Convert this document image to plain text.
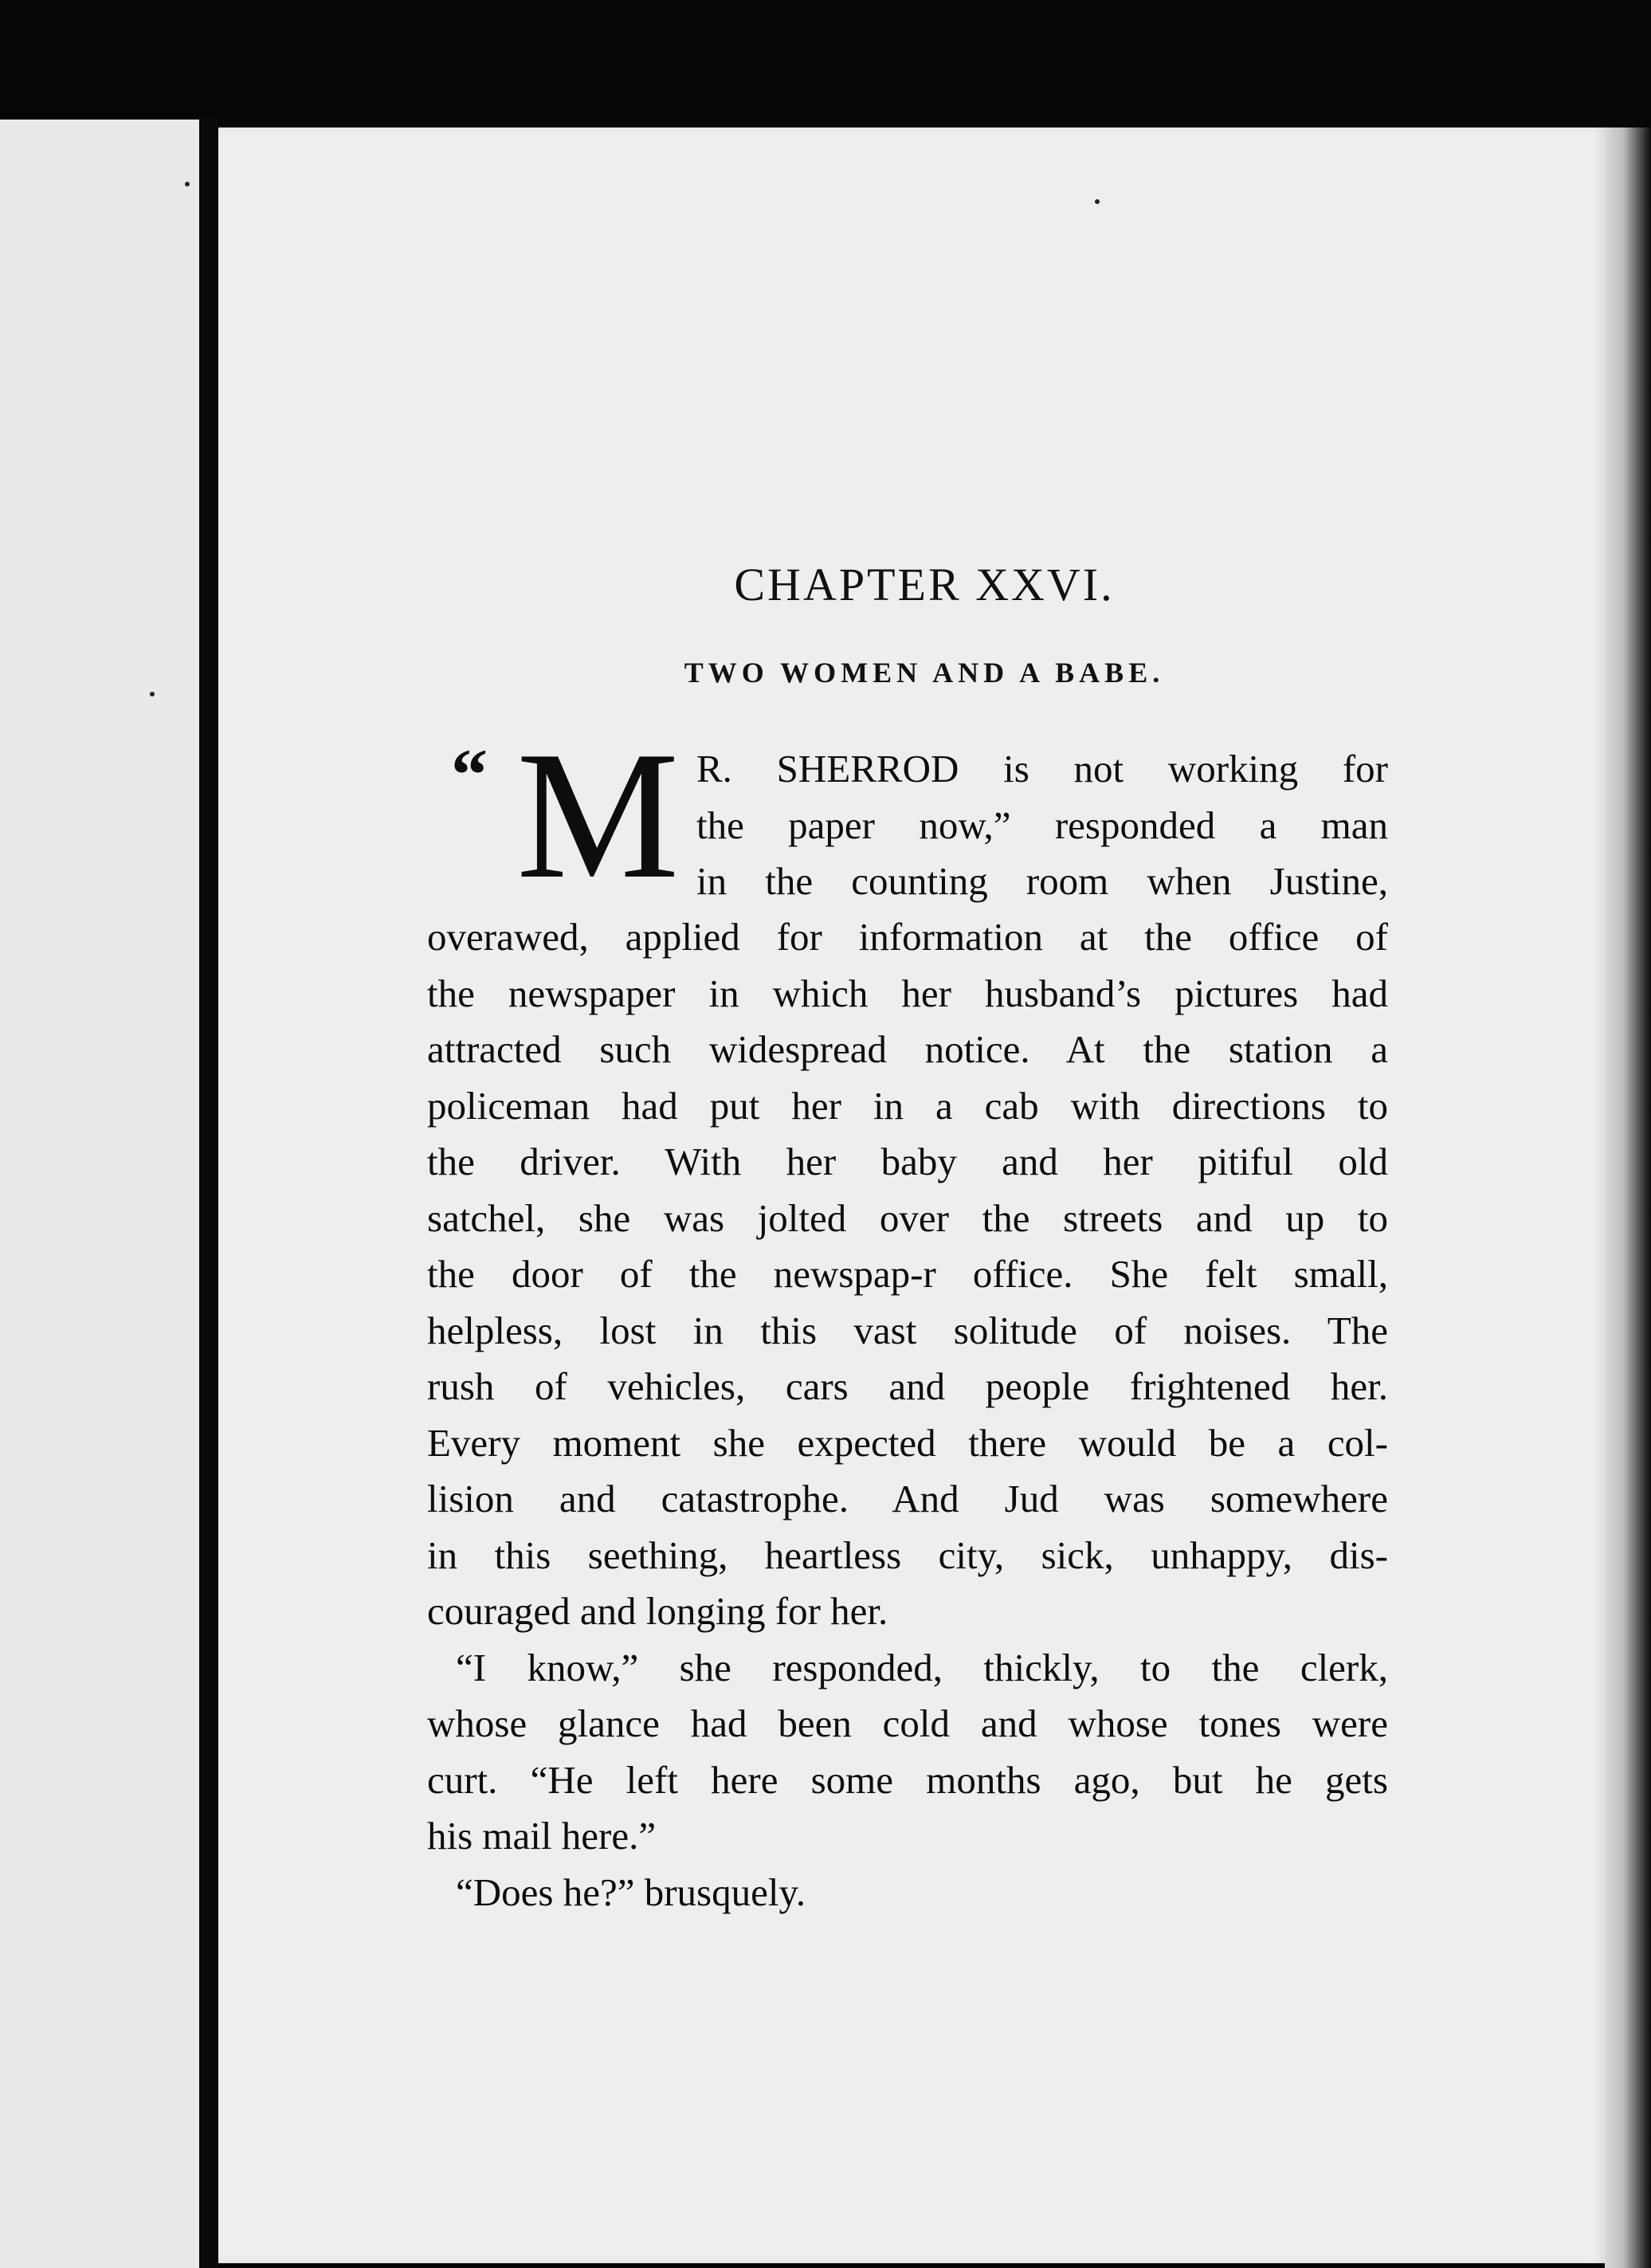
CHAPTER XXVI.
TWO WOMEN AND A BABE.
“ M R. SHERROD is not working for
the paper now,” responded a man
in the counting room when Justine,
overawed, applied for information at the office of
the newspaper in which her husband’s pictures had
attracted such widespread notice. At the station a
policeman had put her in a cab with directions to
the driver. With her baby and her pitiful old
satchel, she was jolted over the streets and up to
the door of the newspap-r office. She felt small,
helpless, lost in this vast solitude of noises. The
rush of vehicles, cars and people frightened her.
Every moment she expected there would be a col-
lision and catastrophe. And Jud was somewhere
in this seething, heartless city, sick, unhappy, dis-
couraged and longing for her.
“I know,” she responded, thickly, to the clerk,
whose glance had been cold and whose tones were
curt. “He left here some months ago, but he gets
his mail here.”
“Does he?” brusquely.
